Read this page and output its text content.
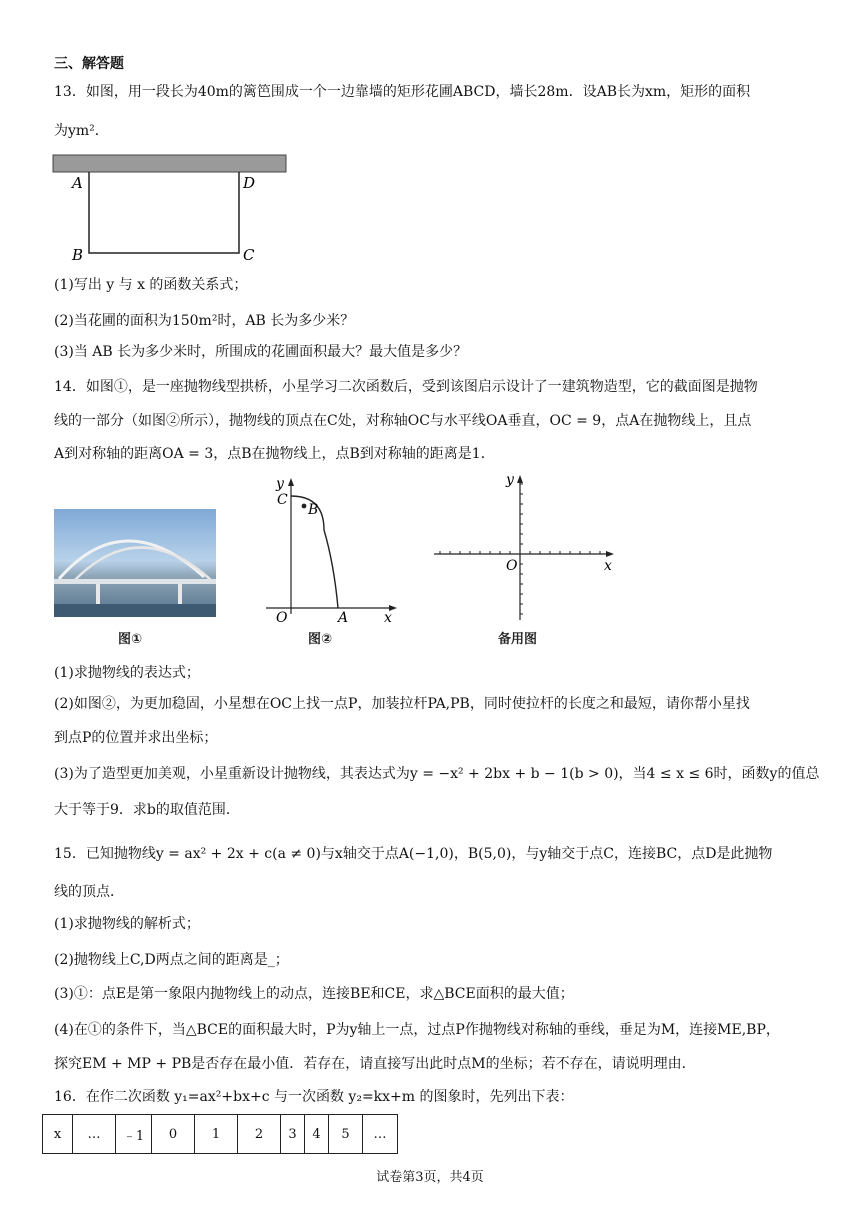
三、解答题
13．如图，用一段长为40m的篱笆围成一个一边靠墙的矩形花圃ABCD，墙长28m．设AB长为xm，矩形的面积
为ym²．
A	D
B	C
(1)写出 y 与 x 的函数关系式；
(2)当花圃的面积为150m²时，AB 长为多少米？
(3)当 AB 长为多少米时，所围成的花圃面积最大？最大值是多少？
14．如图①，是一座抛物线型拱桥，小星学习二次函数后，受到该图启示设计了一建筑物造型，它的截面图是抛物
线的一部分（如图②所示），抛物线的顶点在C处，对称轴OC与水平线OA垂直，OC = 9，点A在抛物线上，且点
A到对称轴的距离OA = 3，点B在抛物线上，点B到对称轴的距离是1．
图①
y
C
B
O	A	x
图②
y
O	x
备用图
(1)求抛物线的表达式；
(2)如图②，为更加稳固，小星想在OC上找一点P，加装拉杆PA,PB，同时使拉杆的长度之和最短，请你帮小星找
到点P的位置并求出坐标；
(3)为了造型更加美观，小星重新设计抛物线，其表达式为y = −x² + 2bx + b − 1(b > 0)，当4 ≤ x ≤ 6时，函数y的值总
大于等于9．求b的取值范围．
15．已知抛物线y = ax² + 2x + c(a ≠ 0)与x轴交于点A(−1,0)，B(5,0)，与y轴交于点C，连接BC，点D是此抛物
线的顶点．
(1)求抛物线的解析式；
(2)抛物线上C,D两点之间的距离是_；
(3)①：点E是第一象限内抛物线上的动点，连接BE和CE，求△BCE面积的最大值；
(4)在①的条件下，当△BCE的面积最大时，P为y轴上一点，过点P作抛物线对称轴的垂线，垂足为M，连接ME,BP，
探究EM + MP + PB是否存在最小值．若存在，请直接写出此时点M的坐标；若不存在，请说明理由．
16．在作二次函数 y₁=ax²+bx+c 与一次函数 y₂=kx+m 的图象时，先列出下表：
x	…	﹣1	0	1	2	3	4	5	…
试卷第3页，共4页
